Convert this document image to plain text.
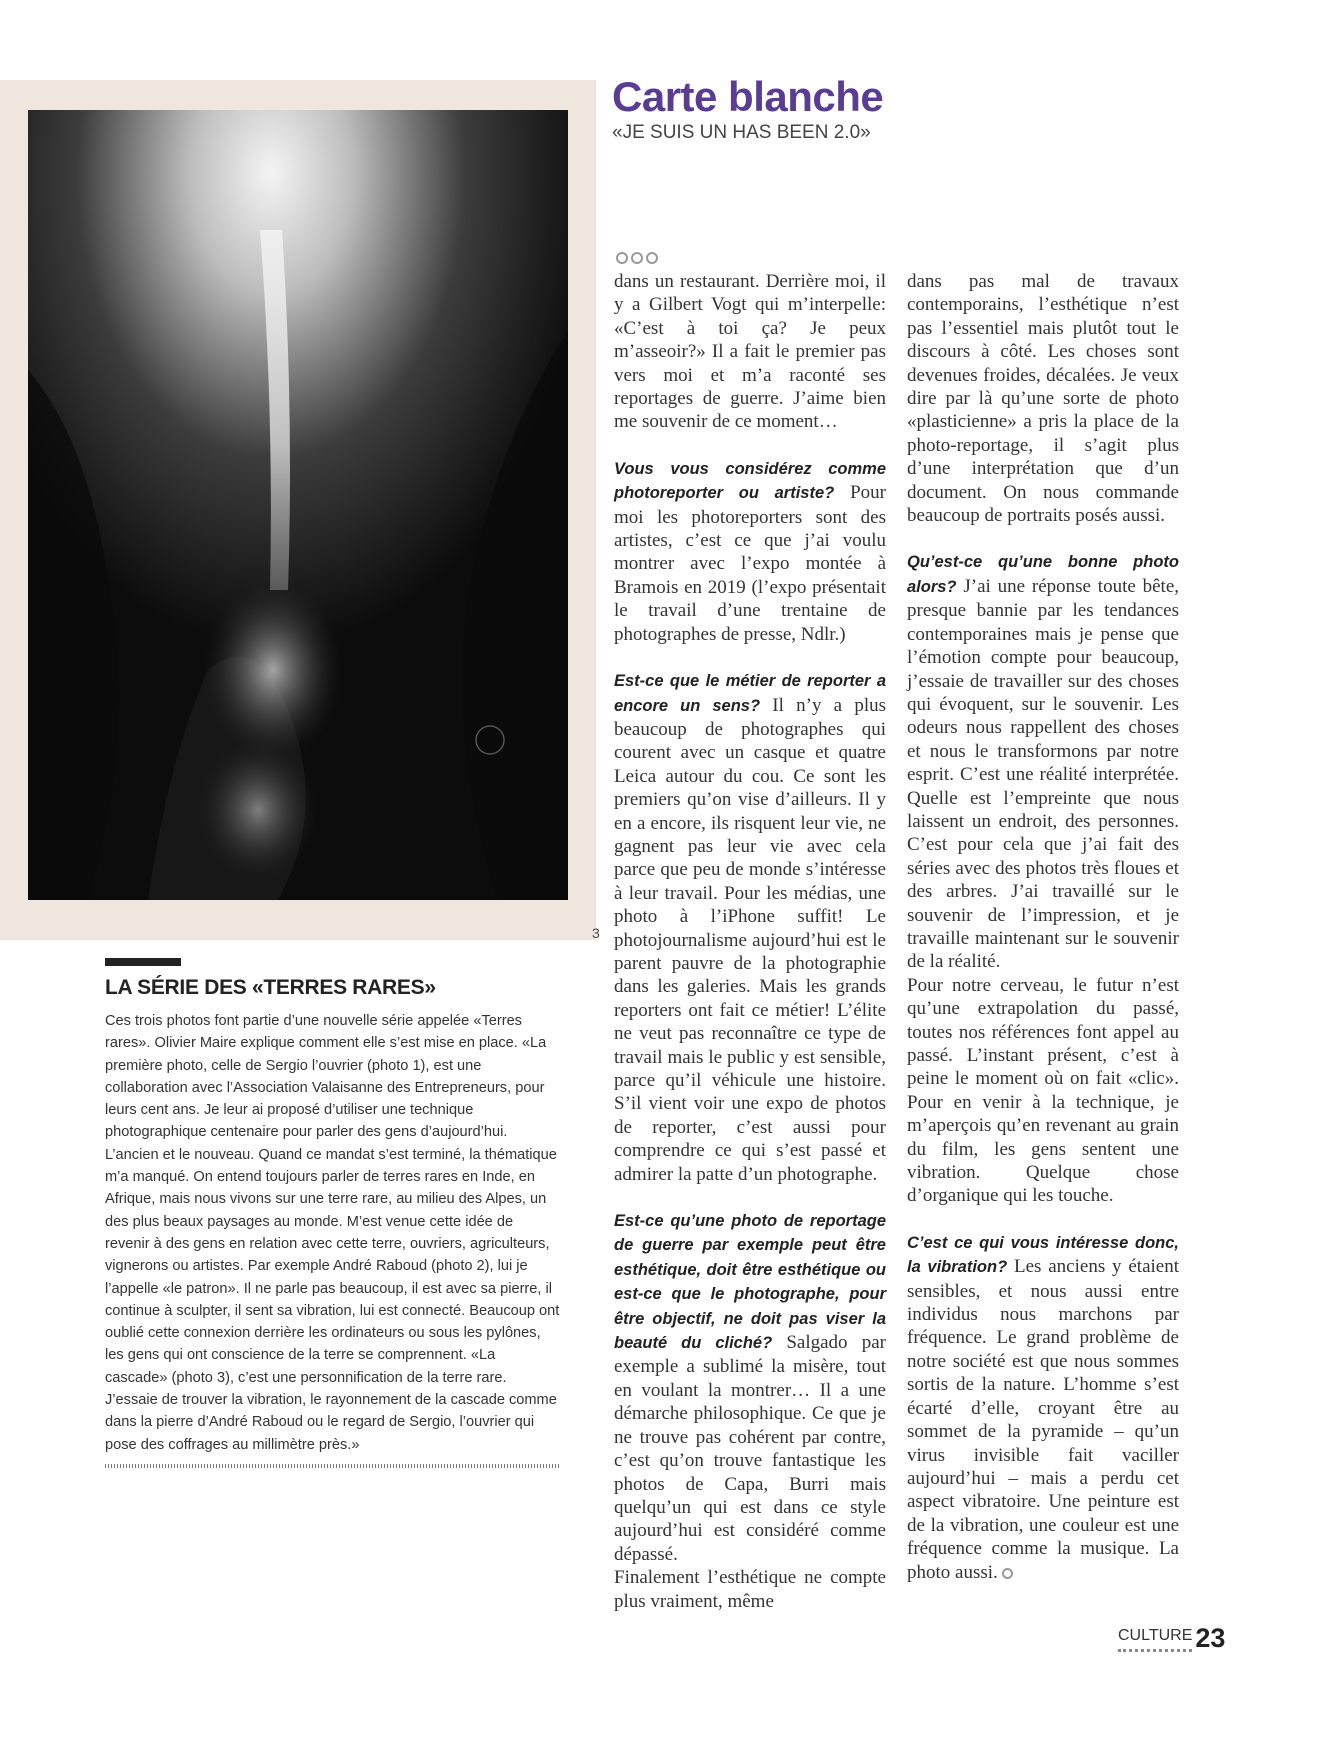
3
Carte blanche
«JE SUIS UN HAS BEEN 2.0»

dans un restaurant. Derrière moi, il y a Gilbert Vogt qui m’interpelle: «C’est à toi ça? Je peux m’asseoir?» Il a fait le premier pas vers moi et m’a raconté ses reportages de guerre. J’aime bien me souvenir de ce moment…

Vous vous considérez comme photoreporter ou artiste? Pour moi les photoreporters sont des artistes, c’est ce que j’ai voulu montrer avec l’expo montée à Bramois en 2019 (l’expo présentait le travail d’une trentaine de photographes de presse, Ndlr.)

Est-ce que le métier de reporter a encore un sens? Il n’y a plus beaucoup de photographes qui courent avec un casque et quatre Leica autour du cou. Ce sont les premiers qu’on vise d’ailleurs. Il y en a encore, ils risquent leur vie, ne gagnent pas leur vie avec cela parce que peu de monde s’intéresse à leur travail. Pour les médias, une photo à l’iPhone suffit! Le photojournalisme aujourd’hui est le parent pauvre de la photographie dans les galeries. Mais les grands reporters ont fait ce métier! L’élite ne veut pas reconnaître ce type de travail mais le public y est sensible, parce qu’il véhicule une histoire. S’il vient voir une expo de photos de reporter, c’est aussi pour comprendre ce qui s’est passé et admirer la patte d’un photographe.

Est-ce qu’une photo de reportage de guerre par exemple peut être esthétique, doit être esthétique ou est-ce que le photographe, pour être objectif, ne doit pas viser la beauté du cliché? Salgado par exemple a sublimé la misère, tout en voulant la montrer… Il a une démarche philosophique. Ce que je ne trouve pas cohérent par contre, c’est qu’on trouve fantastique les photos de Capa, Burri mais quelqu’un qui est dans ce style aujourd’hui est considéré comme dépassé.

Finalement l’esthétique ne compte plus vraiment, même

dans pas mal de travaux contemporains, l’esthétique n’est pas l’essentiel mais plutôt tout le discours à côté. Les choses sont devenues froides, décalées. Je veux dire par là qu’une sorte de photo «plasticienne» a pris la place de la photo-reportage, il s’agit plus d’une interprétation que d’un document. On nous commande beaucoup de portraits posés aussi.

Qu’est-ce qu’une bonne photo alors? J’ai une réponse toute bête, presque bannie par les tendances contemporaines mais je pense que l’émotion compte pour beaucoup, j’essaie de travailler sur des choses qui évoquent, sur le souvenir. Les odeurs nous rappellent des choses et nous le transformons par notre esprit. C’est une réalité interprétée. Quelle est l’empreinte que nous laissent un endroit, des personnes. C’est pour cela que j’ai fait des séries avec des photos très floues et des arbres. J’ai travaillé sur le souvenir de l’impression, et je travaille maintenant sur le souvenir de la réalité.

Pour notre cerveau, le futur n’est qu’une extrapolation du passé, toutes nos références font appel au passé. L’instant présent, c’est à peine le moment où on fait «clic». Pour en venir à la technique, je m’aperçois qu’en revenant au grain du film, les gens sentent une vibration. Quelque chose d’organique qui les touche.

C’est ce qui vous intéresse donc, la vibration? Les anciens y étaient sensibles, et nous aussi entre individus nous marchons par fréquence. Le grand problème de notre société est que nous sommes sortis de la nature. L’homme s’est écarté d’elle, croyant être au sommet de la pyramide – qu’un virus invisible fait vaciller aujourd’hui – mais a perdu cet aspect vibratoire. Une peinture est de la vibration, une couleur est une fréquence comme la musique. La photo aussi.

LA SÉRIE DES «TERRES RARES»
Ces trois photos font partie d’une nouvelle série appelée «Terres rares». Olivier Maire explique comment elle s’est mise en place. «La première photo, celle de Sergio l’ouvrier (photo 1), est une collaboration avec l’Association Valaisanne des Entrepreneurs, pour leurs cent ans. Je leur ai proposé d’utiliser une technique photographique centenaire pour parler des gens d’aujourd’hui. L’ancien et le nouveau. Quand ce mandat s’est terminé, la thématique m’a manqué. On entend toujours parler de terres rares en Inde, en Afrique, mais nous vivons sur une terre rare, au milieu des Alpes, un des plus beaux paysages au monde. M’est venue cette idée de revenir à des gens en relation avec cette terre, ouvriers, agriculteurs, vignerons ou artistes. Par exemple André Raboud (photo 2), lui je l’appelle «le patron». Il ne parle pas beaucoup, il est avec sa pierre, il continue à sculpter, il sent sa vibration, lui est connecté. Beaucoup ont oublié cette connexion derrière les ordinateurs ou sous les pylônes, les gens qui ont conscience de la terre se comprennent. «La cascade» (photo 3), c’est une personnification de la terre rare. J’essaie de trouver la vibration, le rayonnement de la cascade comme dans la pierre d’André Raboud ou le regard de Sergio, l’ouvrier qui pose des coffrages au millimètre près.»
CULTURE 23
